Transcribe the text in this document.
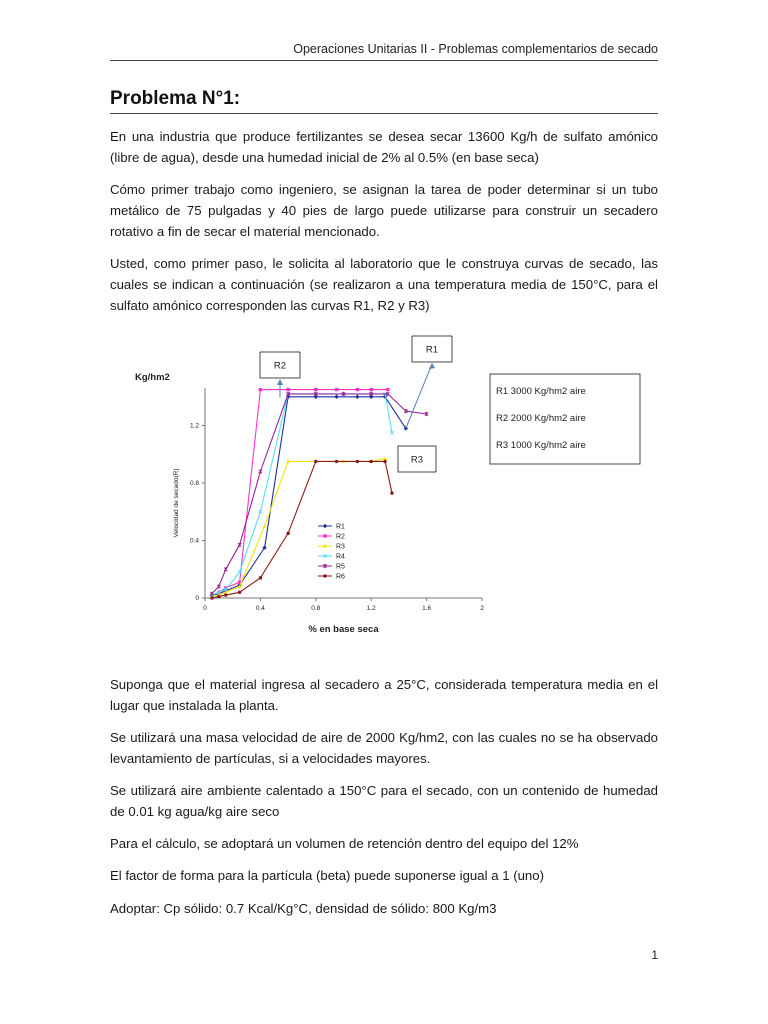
Operaciones Unitarias II - Problemas complementarios de secado
Problema N°1:

En una industria que produce fertilizantes se desea secar 13600 Kg/h de sulfato amónico (libre de agua), desde una humedad inicial de 2% al 0.5% (en base seca)

Cómo primer trabajo como ingeniero, se asignan la tarea de poder determinar si un tubo metálico de 75 pulgadas y 40 pies de largo puede utilizarse para construir un secadero rotativo a fin de secar el material mencionado.

Usted, como primer paso, le solicita al laboratorio que le construya curvas de secado, las cuales se indican a continuación (se realizaron a una temperatura media de 150°C, para el sulfato amónico corresponden las curvas R1, R2 y R3)

0	0.4	0.8	1.2	1.6	2
0
0.4
0.8
1.2
% en base seca
Velocidad de secado(R)
Kg/hm2
R1
R2
R3
R4
R5
R6
R1
R2
R3
R1 3000 Kg/hm2 aire
R2 2000 Kg/hm2 aire
R3 1000 Kg/hm2 aire

Suponga que el material ingresa al secadero a 25°C, considerada temperatura media en el lugar que instalada la planta.

Se utilizará una masa velocidad de aire de 2000 Kg/hm2, con las cuales no se ha observado levantamiento de partículas, si a velocidades mayores.

Se utilizará aire ambiente calentado a 150°C para el secado, con un contenido de humedad de 0.01 kg agua/kg aire seco

Para el cálculo, se adoptará un volumen de retención dentro del equipo del 12%

El factor de forma para la partícula (beta) puede suponerse igual a 1 (uno)

Adoptar: Cp sólido: 0.7 Kcal/Kg°C, densidad de sólido: 800 Kg/m3

1
